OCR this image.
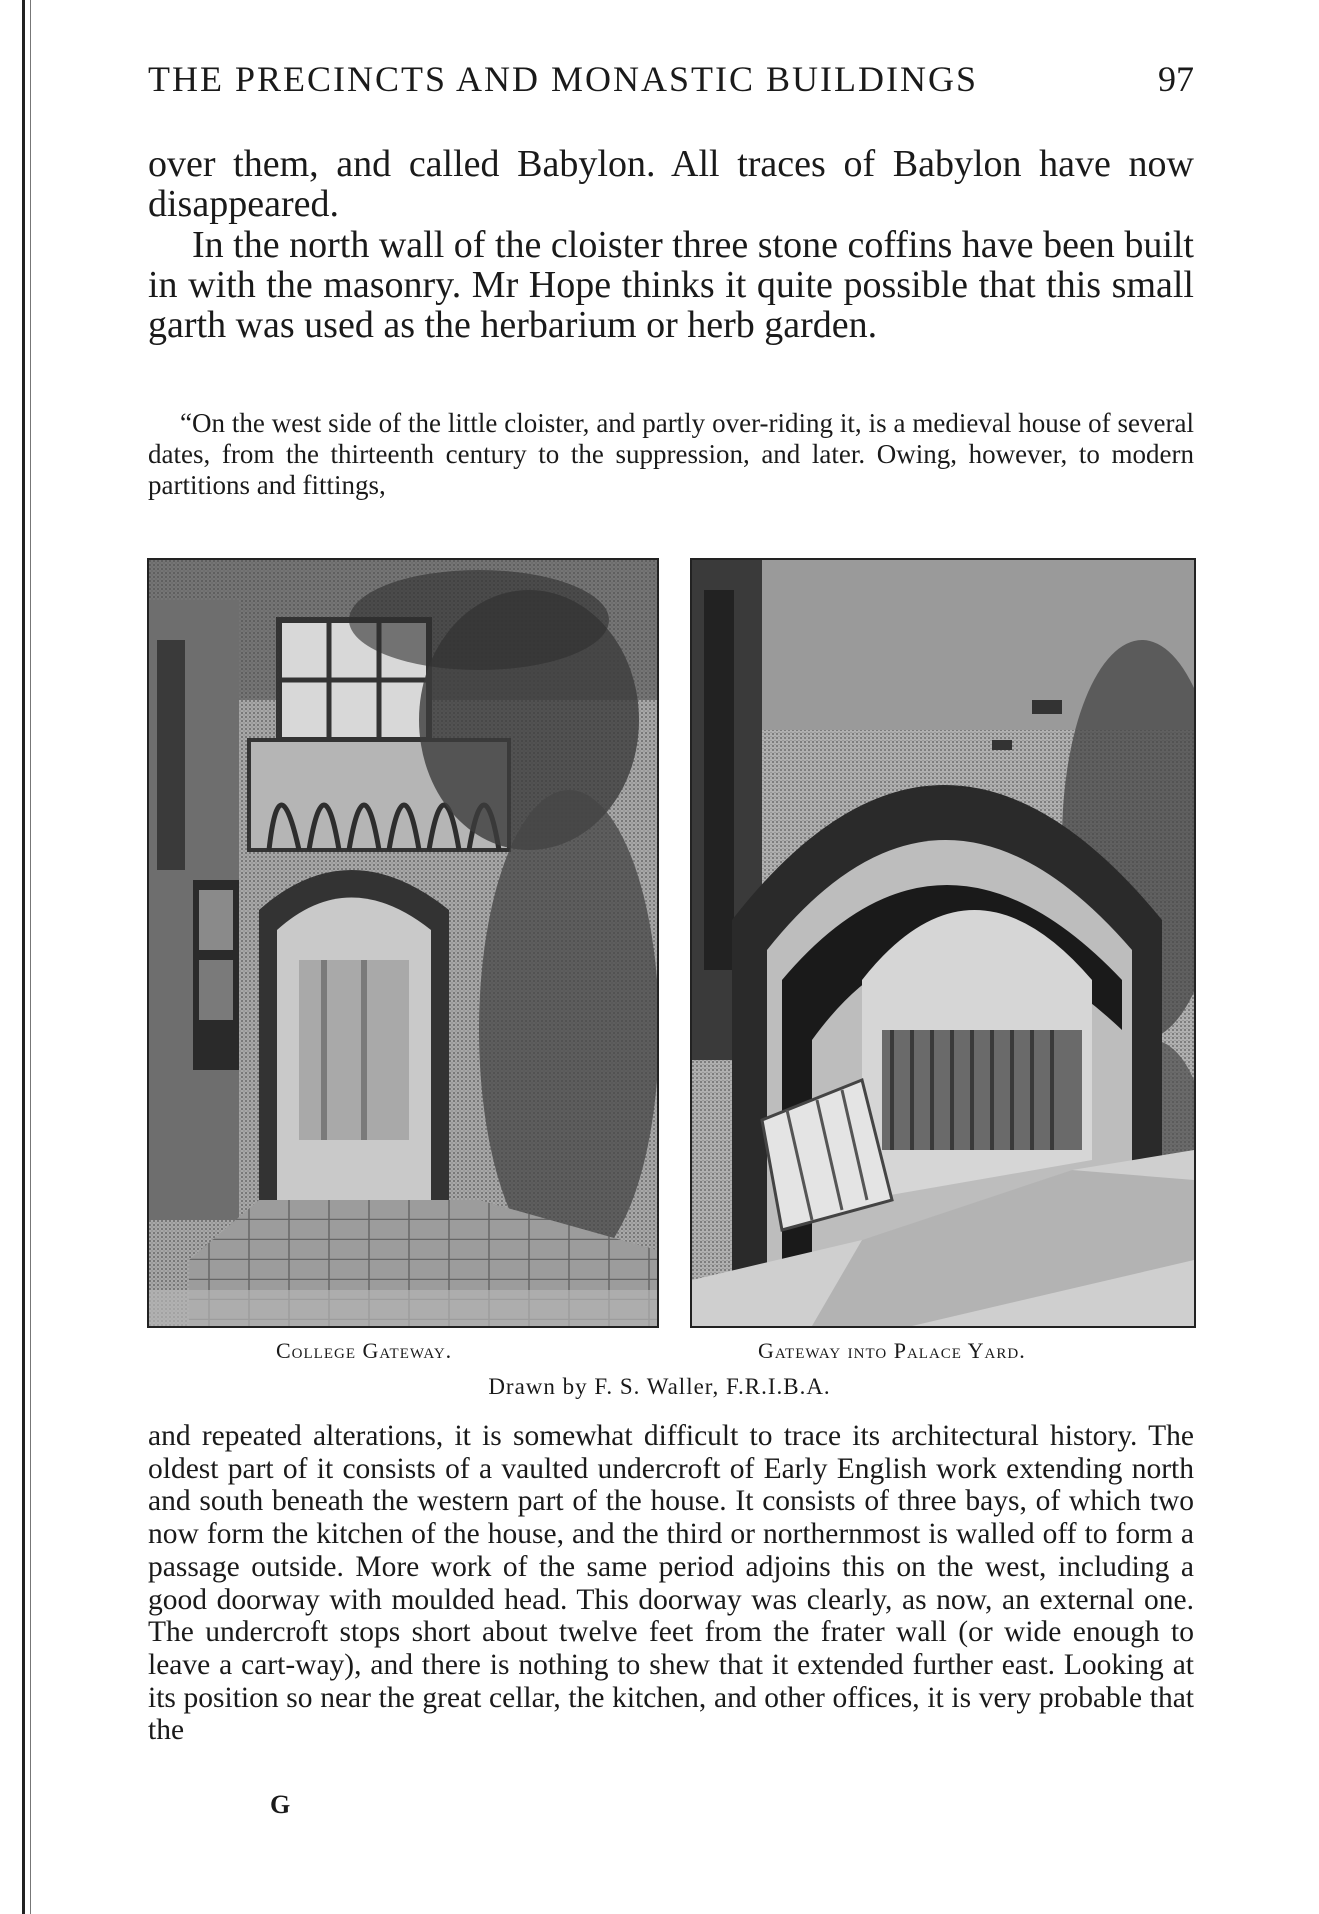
THE PRECINCTS AND MONASTIC BUILDINGS	97

over them, and called Babylon. All traces of Babylon have now disappeared.

In the north wall of the cloister three stone coffins have been built in with the masonry. Mr Hope thinks it quite possible that this small garth was used as the herbarium or herb garden.

“On the west side of the little cloister, and partly over-riding it, is a medieval house of several dates, from the thirteenth century to the suppression, and later. Owing, however, to modern partitions and fittings,

College Gateway.	Gateway into Palace Yard.

Drawn by F. S. Waller, F.R.I.B.A.

and repeated alterations, it is somewhat difficult to trace its architectural history. The oldest part of it consists of a vaulted undercroft of Early English work extending north and south beneath the western part of the house. It consists of three bays, of which two now form the kitchen of the house, and the third or northernmost is walled off to form a passage outside. More work of the same period adjoins this on the west, including a good doorway with moulded head. This doorway was clearly, as now, an external one. The undercroft stops short about twelve feet from the frater wall (or wide enough to leave a cart-way), and there is nothing to shew that it extended further east. Looking at its position so near the great cellar, the kitchen, and other offices, it is very probable that the

G
